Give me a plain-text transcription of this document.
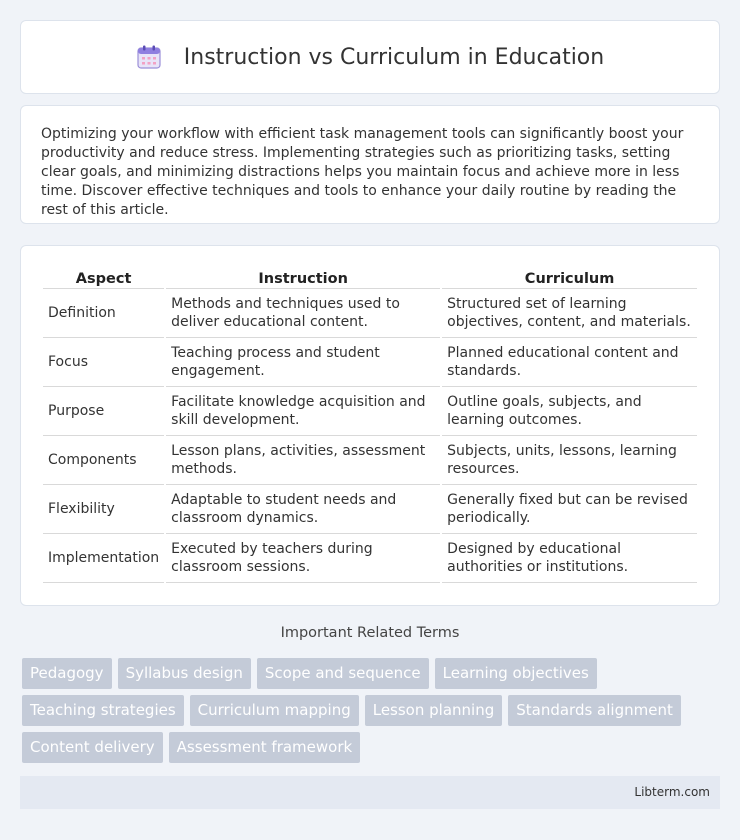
Instruction vs Curriculum in Education

Optimizing your workflow with efficient task management tools can significantly boost your productivity and reduce stress. Implementing strategies such as prioritizing tasks, setting clear goals, and minimizing distractions helps you maintain focus and achieve more in less time. Discover effective techniques and tools to enhance your daily routine by reading the rest of this article.

Aspect	Instruction	Curriculum
Definition	Methods and techniques used to deliver educational content.	Structured set of learning objectives, content, and materials.
Focus	Teaching process and student engagement.	Planned educational content and standards.
Purpose	Facilitate knowledge acquisition and skill development.	Outline goals, subjects, and learning outcomes.
Components	Lesson plans, activities, assessment methods.	Subjects, units, lessons, learning resources.
Flexibility	Adaptable to student needs and classroom dynamics.	Generally fixed but can be revised periodically.
Implementation	Executed by teachers during classroom sessions.	Designed by educational authorities or institutions.
Important Related Terms
Pedagogy	Syllabus design	Scope and sequence	Learning objectives
Teaching strategies	Curriculum mapping	Lesson planning	Standards alignment
Content delivery	Assessment framework
Libterm.com
